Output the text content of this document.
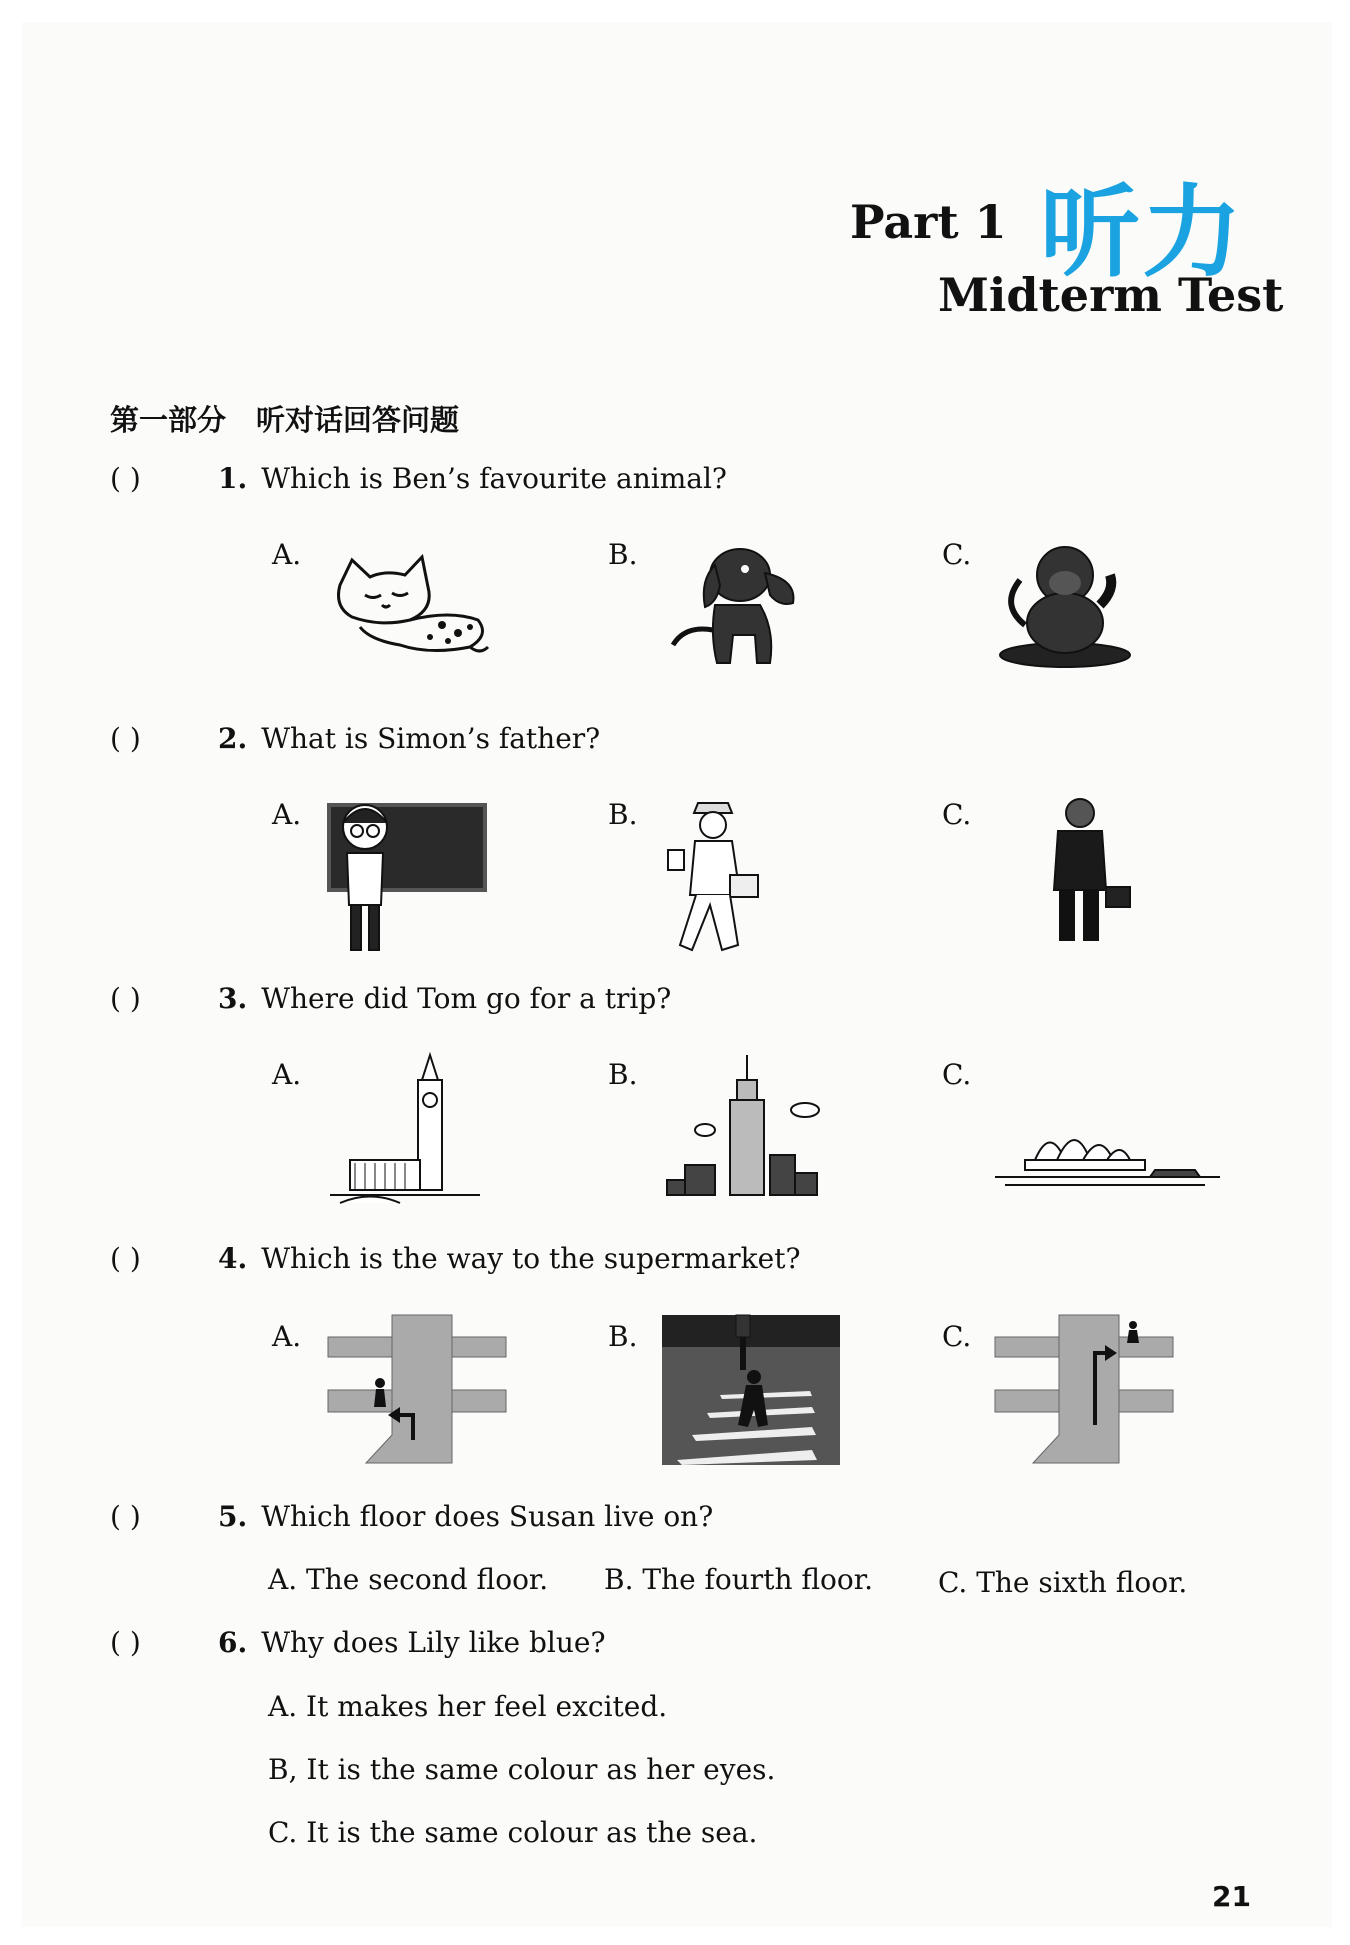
Part 1 听力
Midterm Test
第一部分 听对话回答问题
( )	1. Which is Ben’s favourite animal?
A.	B.	C.
( )	2. What is Simon’s father?
A.	B.	C.
( )	3. Where did Tom go for a trip?
A.	B.	C.
( )	4. Which is the way to the supermarket?
A.	B.	C.
( )	5. Which floor does Susan live on?
A. The second floor. B. The fourth floor. C. The sixth floor.
( )	6. Why does Lily like blue?
A. It makes her feel excited.
B, It is the same colour as her eyes.
C. It is the same colour as the sea.
21
